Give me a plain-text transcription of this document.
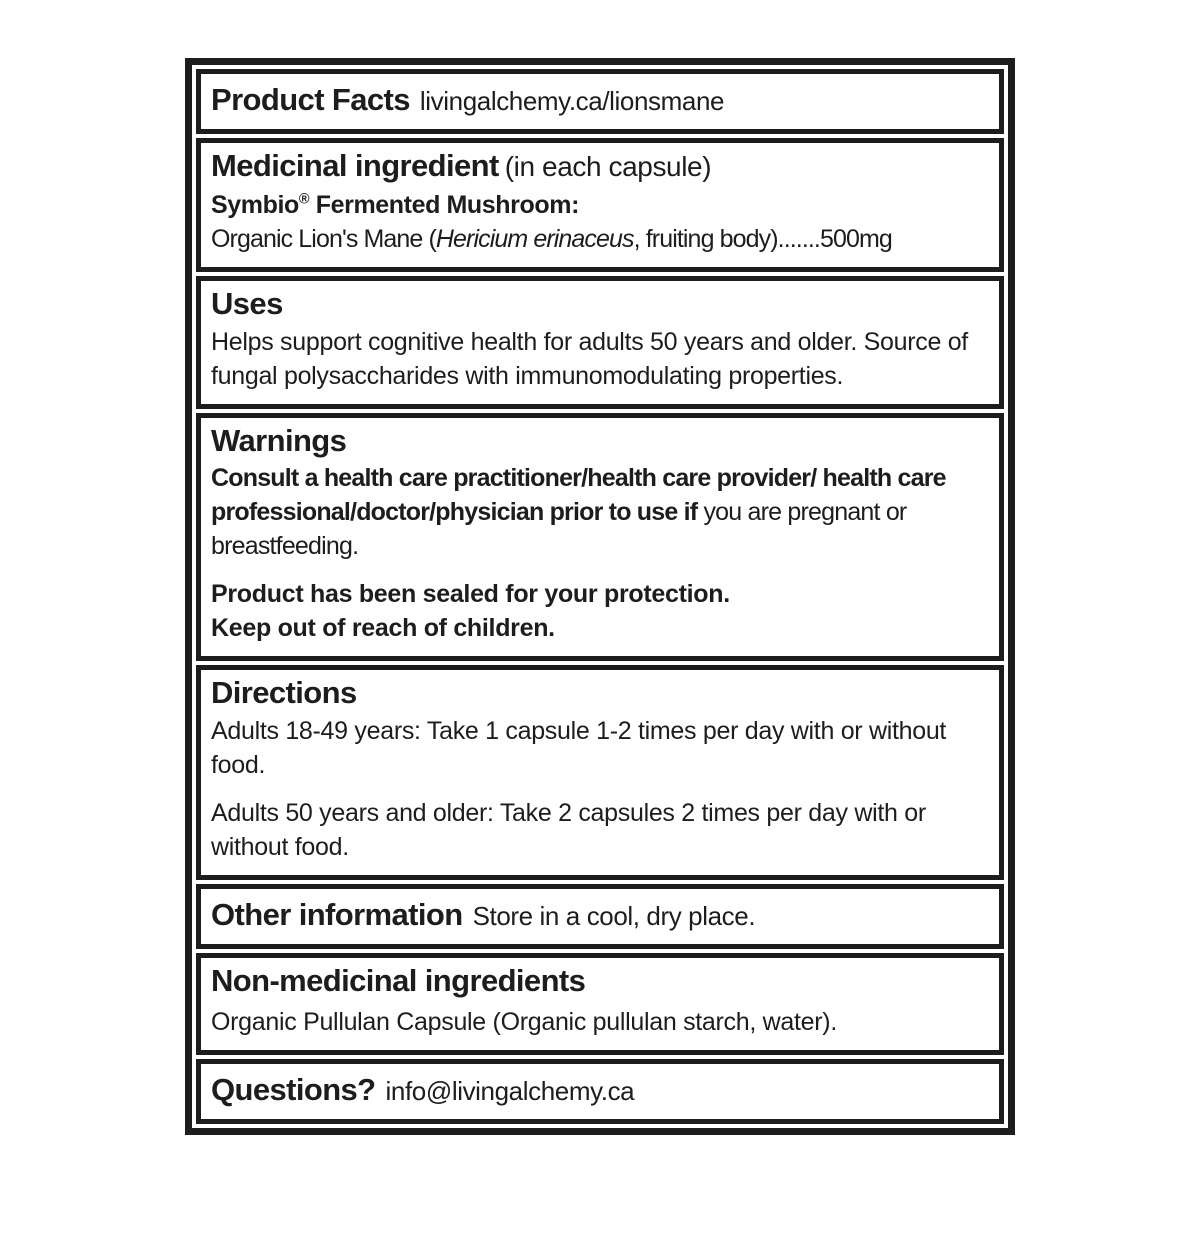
Product Facts livingalchemy.ca/lionsmane
Medicinal ingredient (in each capsule)
Symbio® Fermented Mushroom:
Organic Lion's Mane (Hericium erinaceus, fruiting body).......500mg
Uses

Helps support cognitive health for adults 50 years and older. Source of fungal polysaccharides with immunomodulating properties.

Warnings

Consult a health care practitioner/health care provider/ health care professional/doctor/physician prior to use if you are pregnant or breastfeeding.

Product has been sealed for your protection.
Keep out of reach of children.

Directions

Adults 18-49 years: Take 1 capsule 1-2 times per day with or without food.

Adults 50 years and older: Take 2 capsules 2 times per day with or without food.

Other information Store in a cool, dry place.
Non-medicinal ingredients

Organic Pullulan Capsule (Organic pullulan starch, water).

Questions? info@livingalchemy.ca
